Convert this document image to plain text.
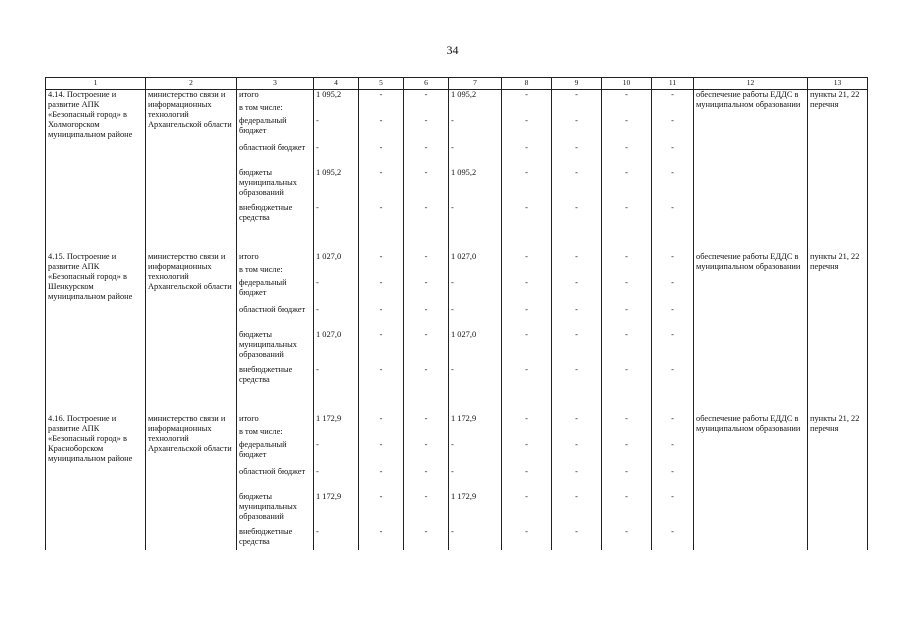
34
1	2	3	4	5	6	7	8	9	10	11	12	13
4.14. Построение и развитие АПК «Безопасный город» в Холмогорском муниципальном районе	министерство связи и информационных технологий Архангельской области	итого	1 095,2	-	-	1 095,2	-	-	-	-	обеспечение работы ЕДДС в муниципальном образовании	пункты 21, 22 перечня
		в том числе:										
		федеральный бюджет	-	-	-	-	-	-	-	-		
		областной бюджет	-	-	-	-	-	-	-	-		
		бюджеты муниципальных образований	1 095,2	-	-	1 095,2	-	-	-	-		
		внебюджетные средства	-	-	-	-	-	-	-	-		

4.15. Построение и развитие АПК «Безопасный город» в Шенкурском муниципальном районе	министерство связи и информационных технологий Архангельской области	итого	1 027,0	-	-	1 027,0	-	-	-	-	обеспечение работы ЕДДС в муниципальном образовании	пункты 21, 22 перечня
		в том числе:										
		федеральный бюджет	-	-	-	-	-	-	-	-		
		областной бюджет	-	-	-	-	-	-	-	-		
		бюджеты муниципальных образований	1 027,0	-	-	1 027,0	-	-	-	-		
		внебюджетные средства	-	-	-	-	-	-	-	-		

4.16. Построение и развитие АПК «Безопасный город» в Красноборском муниципальном районе	министерство связи и информационных технологий Архангельской области	итого	1 172,9	-	-	1 172,9	-	-	-	-	обеспечение работы ЕДДС в муниципальном образовании	пункты 21, 22 перечня
		в том числе:										
		федеральный бюджет	-	-	-	-	-	-	-	-		
		областной бюджет	-	-	-	-	-	-	-	-		
		бюджеты муниципальных образований	1 172,9	-	-	1 172,9	-	-	-	-		
		внебюджетные средства	-	-	-	-	-	-	-	-		
